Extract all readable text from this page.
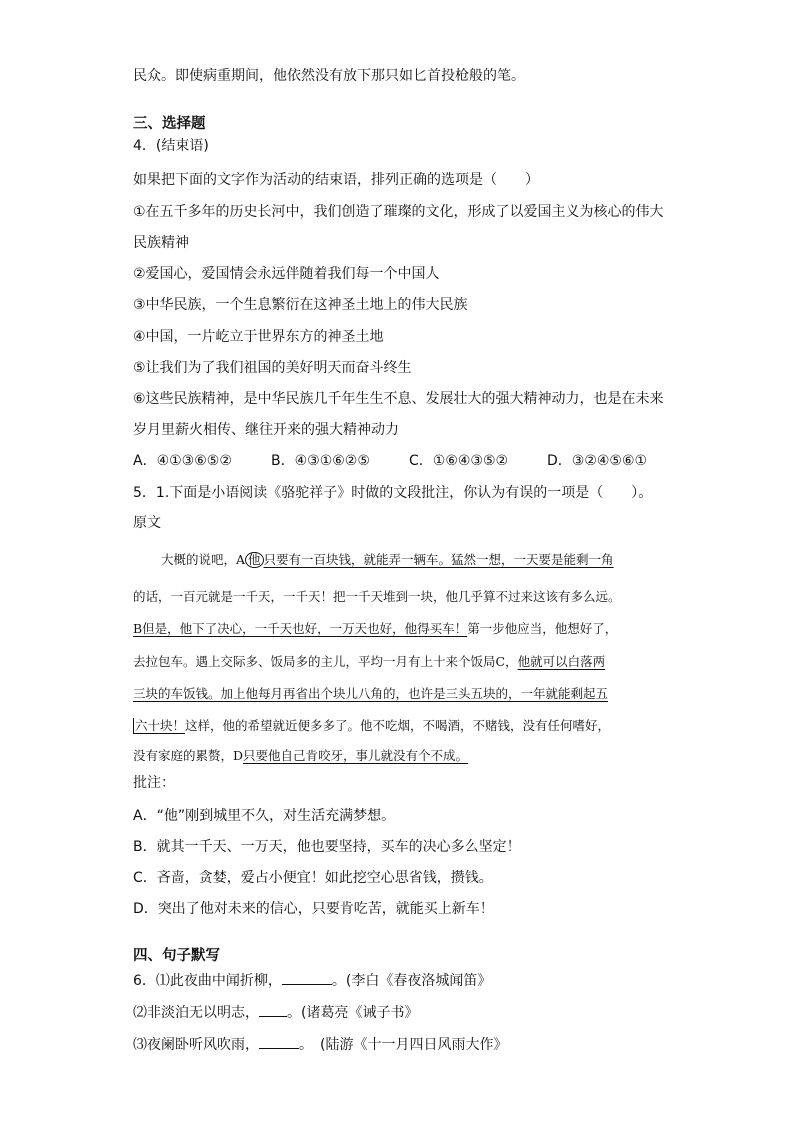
民众。即使病重期间，他依然没有放下那只如匕首投枪般的笔。
三、选择题
4．(结束语)
如果把下面的文字作为活动的结束语，排列正确的选项是（　　）
①在五千多年的历史长河中，我们创造了璀璨的文化，形成了以爱国主义为核心的伟大
民族精神
②爱国心，爱国情会永远伴随着我们每一个中国人
③中华民族，一个生息繁衍在这神圣土地上的伟大民族
④中国，一片屹立于世界东方的神圣土地
⑤让我们为了我们祖国的美好明天而奋斗终生
⑥这些民族精神，是中华民族几千年生生不息、发展壮大的强大精神动力，也是在未来
岁月里薪火相传、继往开来的强大精神动力
A．④①③⑥⑤②	B．④③①⑥②⑤	C．①⑥④③⑤②	D．③②④⑤⑥①
5．1.下面是小语阅读《骆驼祥子》时做的文段批注，你认为有误的一项是（　　）。
原文
大概的说吧，A 他 只要有一百块钱，就能弄一辆车。猛然一想，一天要是能剩一角
的话，一百元就是一千天，一千天！把一千天堆到一块，他几乎算不过来这该有多么远。
B但是，他下了决心，一千天也好，一万天也好，他得买车！第一步他应当，他想好了，
去拉包车。遇上交际多、饭局多的主儿，平均一月有上十来个饭局C，他就可以白落两
三块的车饭钱。加上他每月再省出个块儿八角的，也许是三头五块的，一年就能剩起五
六十块！这样，他的希望就近便多多了。他不吃烟，不喝酒，不赌钱，没有任何嗜好，
没有家庭的累赘，D只要他自己肯咬牙，事儿就没有个不成。
批注：
A．“他”刚到城里不久，对生活充满梦想。
B．就其一千天、一万天，他也要坚持，买车的决心多么坚定！
C．吝啬，贪婪，爱占小便宜！如此挖空心思省钱，攒钱。
D．突出了他对未来的信心，只要肯吃苦，就能买上新车！
四、句子默写
6．⑴此夜曲中闻折柳，	。(李白《春夜洛城闻笛》
⑵非淡泊无以明志， 。(诸葛亮《诫子书》
⑶夜阑卧听风吹雨，	。　(陆游《十一月四日风雨大作》
